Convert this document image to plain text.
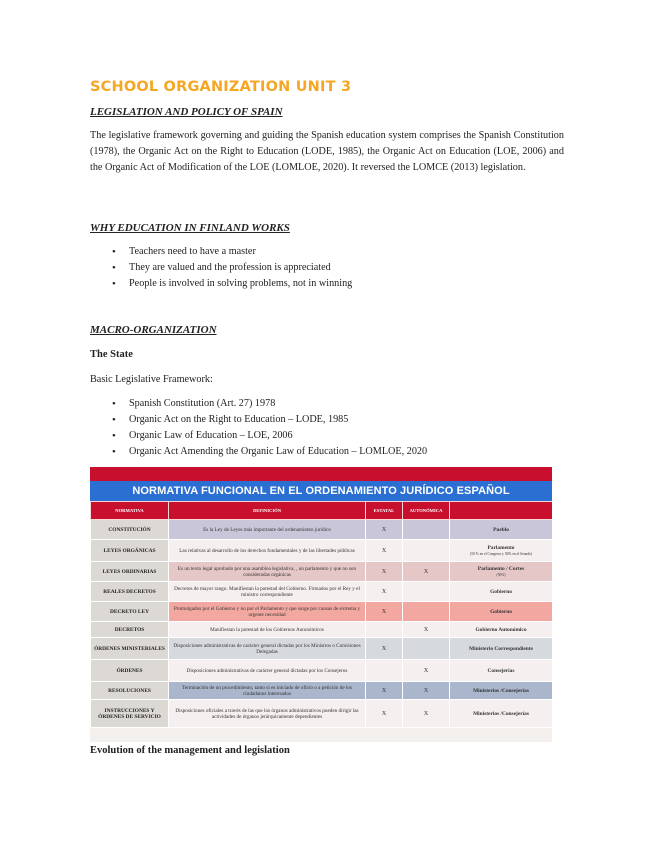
SCHOOL ORGANIZATION UNIT 3
LEGISLATION AND POLICY OF SPAIN
The legislative framework governing and guiding the Spanish education system comprises the Spanish Constitution (1978), the Organic Act on the Right to Education (LODE, 1985), the Organic Act on Education (LOE, 2006) and the Organic Act of Modification of the LOE (LOMLOE, 2020). It reversed the LOMCE (2013) legislation.
WHY EDUCATION IN FINLAND WORKS
• Teachers need to have a master
• They are valued and the profession is appreciated
• People is involved in solving problems, not in winning
MACRO-ORGANIZATION
The State
Basic Legislative Framework:
• Spanish Constitution (Art. 27) 1978
• Organic Act on the Right to Education – LODE, 1985
• Organic Law of Education – LOE, 2006
• Organic Act Amending the Organic Law of Education – LOMLOE, 2020
NORMATIVA FUNCIONAL EN EL ORDENAMIENTO JURÍDICO ESPAÑOL
NORMATIVA	DEFINICIÓN	ESTATAL	AUTONÓMICA	
CONSTITUCIÓN	Es la Ley de Leyes más importante del ordenamiento jurídico	X		Pueblo
LEYES ORGÁNICAS	Las relativas al desarrollo de los derechos fundamentales y de las libertades públicas	X		Parlamento
(50 % en el Congreso y 50% en el Senado)

LEYES ORDINARIAS	Es un texto legal aprobado por una asamblea legislativa, , un parlamento y que no son consideradas orgánicas	X	X	Parlamento / Cortes
(50%)

REALES DECRETOS	Decretos de mayor rango. Manifiestan la potestad del Gobierno. Firmados por el Rey y el ministro correspondiente	X		Gobierno
DECRETO LEY	Promulgados por el Gobierno y no por el Parlamento y que surge por causas de extrema y urgente necesidad	X		Gobierno
DECRETOS	Manifiestan la potestad de los Gobiernos Autonómicos		X	Gobierno Autonómico
ÓRDENES MINISTERIALES	Disposiciones administrativas de carácter general dictadas por los Ministros o Comisiones Delegadas	X		Ministerio Correspondiente
ÓRDENES	Disposiciones administrativas de carácter general dictadas por los Consejeros		X	Consejerías
RESOLUCIONES	Terminación de un procedimiento, tanto si es iniciado de oficio o a petición de los ciudadanos interesados	X	X	Ministerios /Consejerías
INSTRUCCIONES Y ÓRDENES DE SERVICIO	Disposiciones oficiales a través de las que los órganos administrativos pueden dirigir las actividades de órganos jerárquicamente dependientes	X	X	Ministerios /Consejerías
Evolution of the management and legislation
